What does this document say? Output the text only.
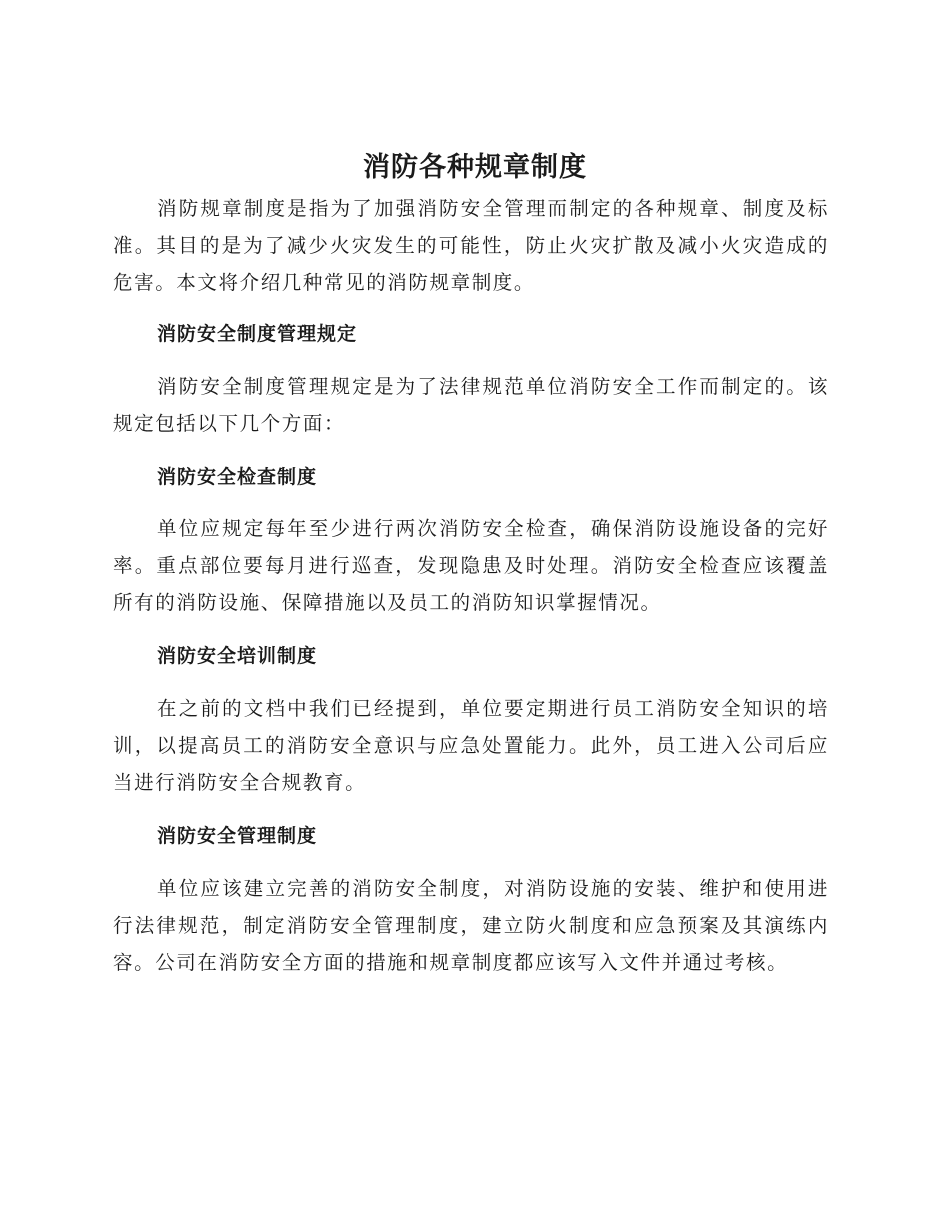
消防各种规章制度

消防规章制度是指为了加强消防安全管理而制定的各种规章、制度及标准。其目的是为了减少火灾发生的可能性，防止火灾扩散及减小火灾造成的危害。本文将介绍几种常见的消防规章制度。

消防安全制度管理规定

消防安全制度管理规定是为了法律规范单位消防安全工作而制定的。该规定包括以下几个方面：

消防安全检查制度

单位应规定每年至少进行两次消防安全检查，确保消防设施设备的完好率。重点部位要每月进行巡查，发现隐患及时处理。消防安全检查应该覆盖所有的消防设施、保障措施以及员工的消防知识掌握情况。

消防安全培训制度

在之前的文档中我们已经提到，单位要定期进行员工消防安全知识的培训，以提高员工的消防安全意识与应急处置能力。此外，员工进入公司后应当进行消防安全合规教育。

消防安全管理制度

单位应该建立完善的消防安全制度，对消防设施的安装、维护和使用进行法律规范，制定消防安全管理制度，建立防火制度和应急预案及其演练内容。公司在消防安全方面的措施和规章制度都应该写入文件并通过考核。
